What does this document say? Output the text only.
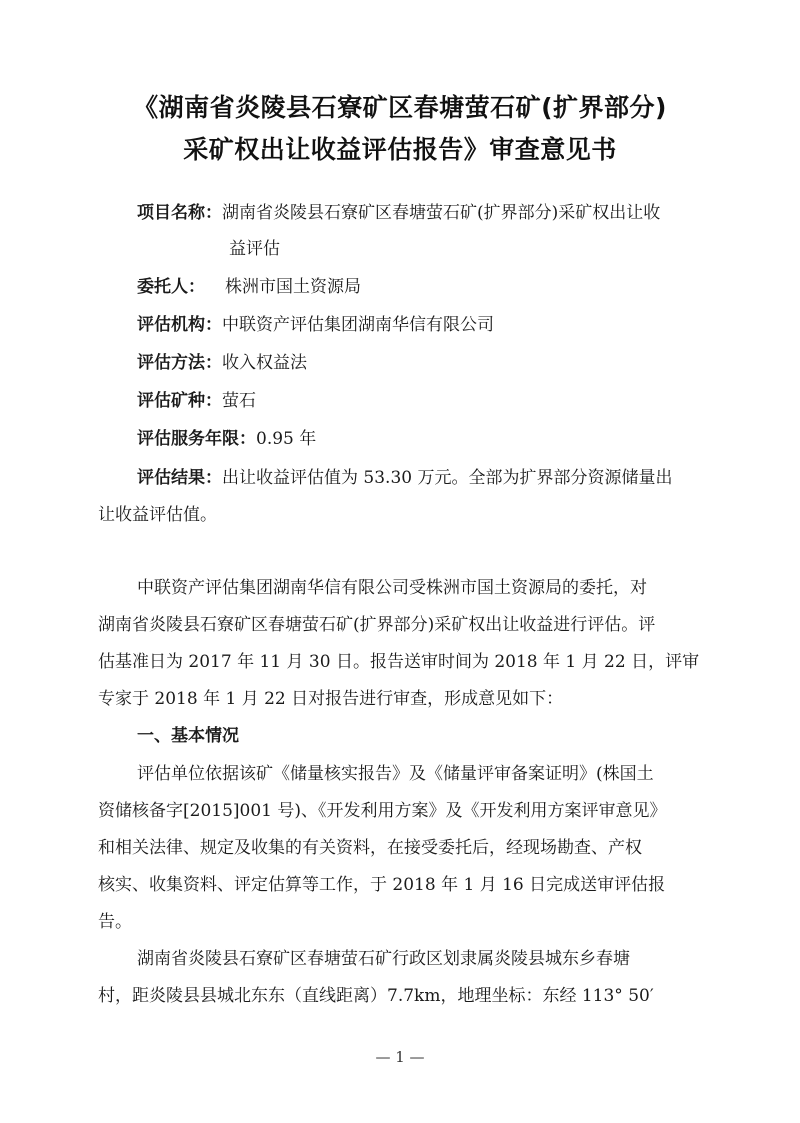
《湖南省炎陵县石寮矿区春塘萤石矿(扩界部分)
采矿权出让收益评估报告》审查意见书
项目名称：湖南省炎陵县石寮矿区春塘萤石矿(扩界部分)采矿权出让收
益评估
委托人： 株洲市国土资源局
评估机构：中联资产评估集团湖南华信有限公司
评估方法：收入权益法
评估矿种：萤石
评估服务年限：0.95 年
评估结果：出让收益评估值为 53.30 万元。全部为扩界部分资源储量出
让收益评估值。
中联资产评估集团湖南华信有限公司受株洲市国土资源局的委托，对
湖南省炎陵县石寮矿区春塘萤石矿(扩界部分)采矿权出让收益进行评估。评
估基准日为 2017 年 11 月 30 日。报告送审时间为 2018 年 1 月 22 日，评审
专家于 2018 年 1 月 22 日对报告进行审查，形成意见如下：
一、基本情况
评估单位依据该矿《储量核实报告》及《储量评审备案证明》(株国土
资储核备字[2015]001 号)、《开发利用方案》及《开发利用方案评审意见》
和相关法律、规定及收集的有关资料，在接受委托后，经现场勘查、产权
核实、收集资料、评定估算等工作，于 2018 年 1 月 16 日完成送审评估报
告。
湖南省炎陵县石寮矿区春塘萤石矿行政区划隶属炎陵县城东乡春塘
村，距炎陵县县城北东东（直线距离）7.7km，地理坐标：东经 113° 50′
— 1 —
